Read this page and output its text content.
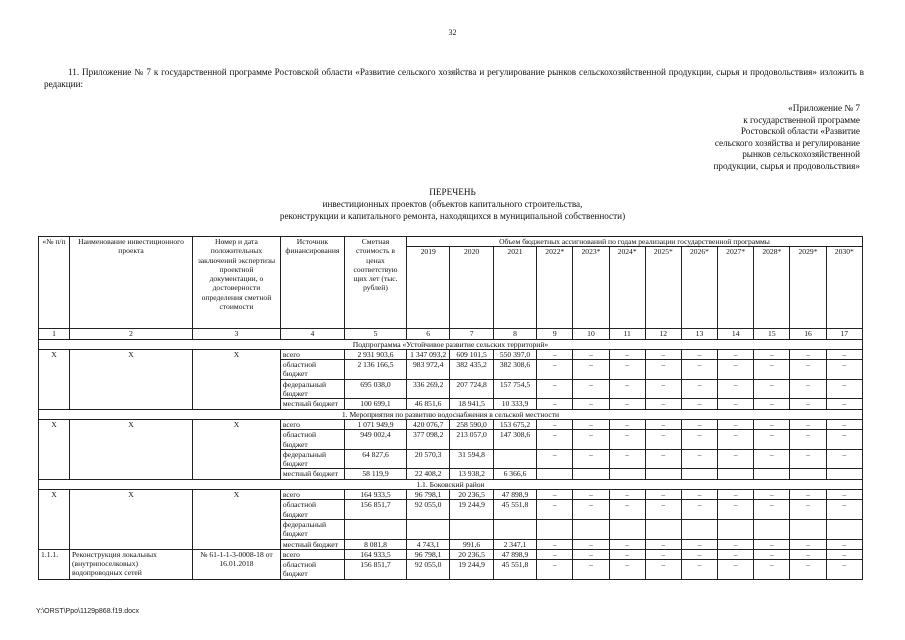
32
11. Приложение № 7 к государственной программе Ростовской области «Развитие сельского хозяйства и регулирование рынков сельскохозяйственной продукции, сырья и продовольствия» изложить в редакции:
«Приложение № 7
к государственной программе
Ростовской области «Развитие
сельского хозяйства и регулирование
рынков сельскохозяйственной
продукции, сырья и продовольствия»
ПЕРЕЧЕНЬ
инвестиционных проектов (объектов капитального строительства,
реконструкции и капитального ремонта, находящихся в муниципальной собственности)
«№ п/п	Наименование инвестиционного проекта	Номер и дата положительных заключений экспертизы проектной документации, о достоверности определения сметной стоимости	Источник финансирования	Сметная стоимость в ценах соответствую щих лет (тыс. рублей)	Объем бюджетных ассигнований по годам реализации государственной программы											
					2019	2020	2021	2022*	2023*	2024*	2025*	2026*	2027*	2028*	2029*	2030*
1	2	3	4	5	6	7	8	9	10	11	12	13	14	15	16	17
Подпрограмма «Устойчивое развитие сельских территорий»																
Х	Х	Х	всего	2 931 903,6	1 347 093,2	609 101,5	550 397,0	–	–	–	–	–	–	–	–	–
			областной бюджет	2 136 166,5	983 972,4	382 435,2	382 308,6	–	–	–	–	–	–	–	–	–
			федеральный бюджет	695 038,0	336 269,2	207 724,8	157 754,5	–	–	–	–	–	–	–	–	–
			местный бюджет	100 699,1	46 851,6	18 941,5	10 333,9	–	–	–	–	–	–	–	–	–
1. Мероприятия по развитию водоснабжения в сельской местности																
Х	Х	Х	всего	1 071 949,9	420 076,7	258 590,0	153 675,2	–	–	–	–	–	–	–	–	–
			областной бюджет	949 002,4	377 098,2	213 057,0	147 308,6	–	–	–	–	–	–	–	–	–
			федеральный бюджет	64 827,6	20 570,3	31 594,8		–	–	–	–	–	–	–	–	–
			местный бюджет	58 119,9	22 408,2	13 938,2	6 366,6									
1.1. Боковский район																
Х	Х	Х	всего	164 933,5	96 798,1	20 236,5	47 898,9	–	–	–	–	–	–	–	–	–
			областной бюджет	156 851,7	92 055,0	19 244,9	45 551,8	–	–	–	–	–	–	–	–	–
			федеральный бюджет													
			местный бюджет	8 081,8	4 743,1	991,6	2 347,1	–	–	–	–	–	–	–	–	–
1.1.1.	Реконструкция локальных (внутрипоселковых) водопроводных сетей	№ 61-1-1-3-0008-18 от 16.01.2018	всего	164 933,5	96 798,1	20 236,5	47 898,9	–	–	–	–	–	–	–	–	–
			областной бюджет	156 851,7	92 055,0	19 244,9	45 551,8	–	–	–	–	–	–	–	–	–
Y:\ORST\Ppo\1129p868.f19.docx
